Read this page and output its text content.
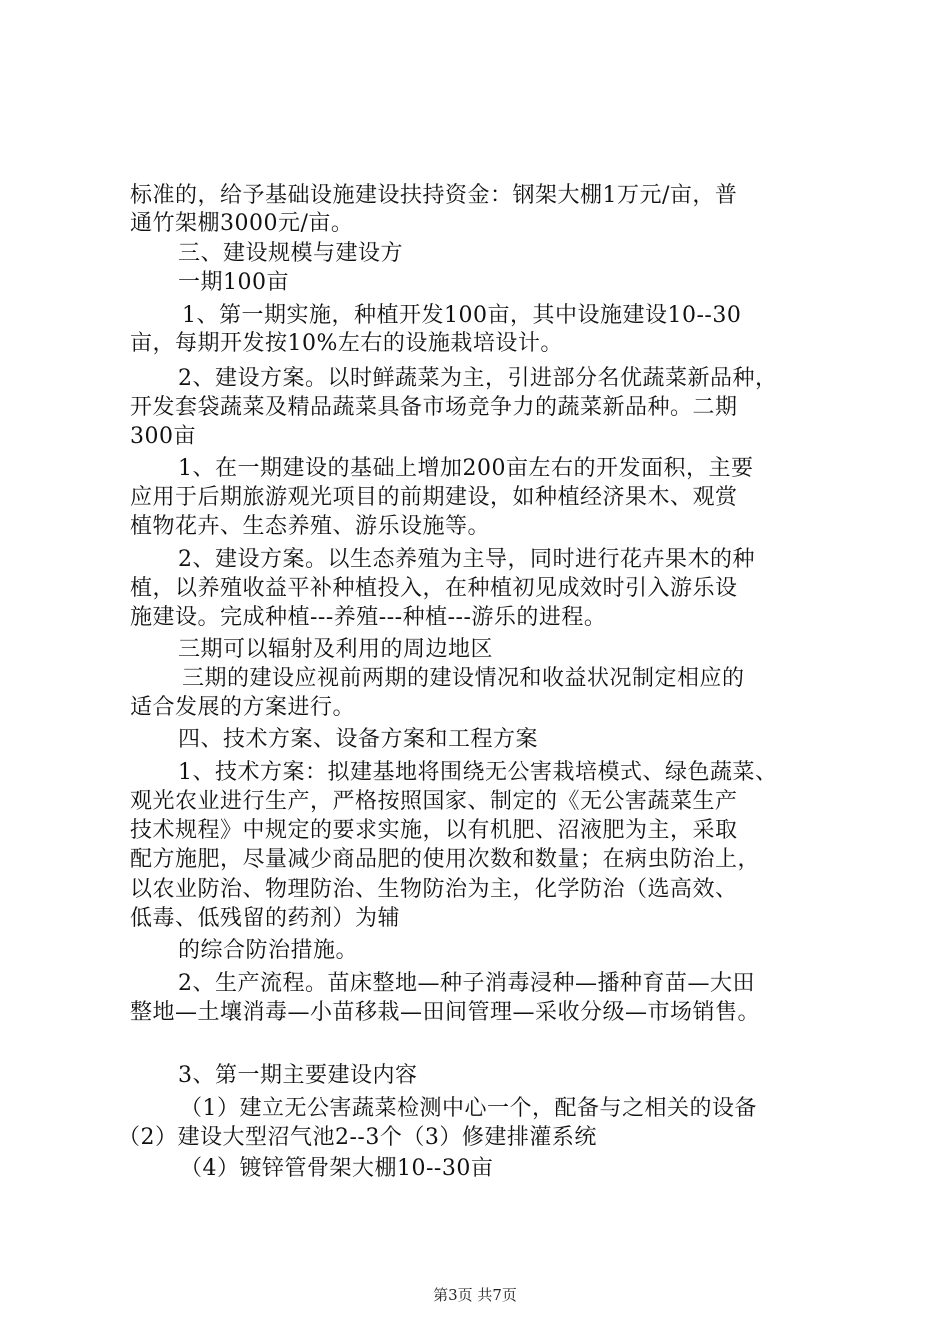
标准的，给予基础设施建设扶持资金：钢架大棚1万元/亩，普
通竹架棚3000元/亩。
三、建设规模与建设方
一期100亩
1、第一期实施，种植开发100亩，其中设施建设10--30
亩，每期开发按10%左右的设施栽培设计。
2、建设方案。以时鲜蔬菜为主，引进部分名优蔬菜新品种，
开发套袋蔬菜及精品蔬菜具备市场竞争力的蔬菜新品种。二期
300亩
1、在一期建设的基础上增加200亩左右的开发面积，主要
应用于后期旅游观光项目的前期建设，如种植经济果木、观赏
植物花卉、生态养殖、游乐设施等。
2、建设方案。以生态养殖为主导，同时进行花卉果木的种
植，以养殖收益平补种植投入，在种植初见成效时引入游乐设
施建设。完成种植---养殖---种植---游乐的进程。
三期可以辐射及利用的周边地区
三期的建设应视前两期的建设情况和收益状况制定相应的
适合发展的方案进行。
四、技术方案、设备方案和工程方案
1、技术方案：拟建基地将围绕无公害栽培模式、绿色蔬菜、
观光农业进行生产，严格按照国家、制定的《无公害蔬菜生产
技术规程》中规定的要求实施，以有机肥、沼液肥为主，采取
配方施肥，尽量减少商品肥的使用次数和数量；在病虫防治上，
以农业防治、物理防治、生物防治为主，化学防治（选高效、
低毒、低残留的药剂）为辅
的综合防治措施。
2、生产流程。苗床整地—种子消毒浸种—播种育苗—大田
整地—土壤消毒—小苗移栽—田间管理—采收分级—市场销售。
3、第一期主要建设内容
（1）建立无公害蔬菜检测中心一个，配备与之相关的设备
（2）建设大型沼气池2--3个（3）修建排灌系统
（4）镀锌管骨架大棚10--30亩
第3页 共7页
